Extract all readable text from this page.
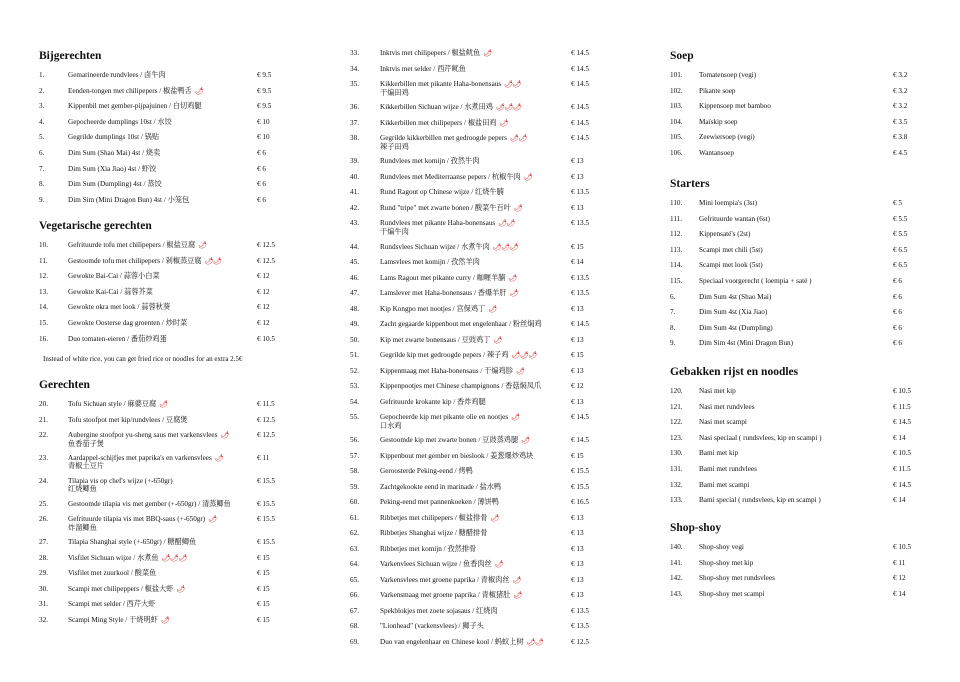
Bijgerechten
1.	Gemarineerde rundvlees / 卤牛肉	€ 9.5
2.	Eenden-tongen met chilipepers / 椒盐鸭舌 🌶	€ 9.5
3.	Kippenbil met gember-pijpajuinen / 白切鸡腿	€ 9.5
4.	Gepocheerde dumplings 10st / 水饺	€ 10
5.	Gegrilde dumplings 10st / 锅贴	€ 10
6.	Dim Sum (Shao Mai) 4st / 烧卖	€ 6
7.	Dim Sum (Xia Jiao) 4st / 虾饺	€ 6
8.	Dim Sum (Dumpling) 4st / 蒸饺	€ 6
9.	Dim Sim (Mini Dragon Bun) 4st / 小笼包	€ 6
Vegetarische gerechten
10.	Gefrituurde tofu met chilipepers / 椒盐豆腐 🌶	€ 12.5
11.	Gestoomde tofu met chilipepers / 剁椒蒸豆腐 🌶🌶	€ 12.5
12.	Gewokte Bai-Cai / 蒜蓉小白菜	€ 12
13.	Gewokte Kai-Cai / 蒜蓉芥菜	€ 12
14.	Gewokte okra met look / 蒜蓉秋葵	€ 12
15.	Gewokte Oosterse dag groenten / 炒时菜	€ 12
16.	Duo tomaten-eieren / 番茄炒鸡蛋	€ 10.5
Instead of white rice, you can get fried rice or noodles for an extra 2.5€
Gerechten
20.	Tofu Sichuan style / 麻婆豆腐 🌶	€ 11.5
21.	Tofu stoofpot met kip/rundvlees / 豆腐煲	€ 12.5
22.	Aubergine stoofpot yu-sheng saus met varkensvlees 🌶
鱼香茄子煲
€ 12.5
23.	Aardappel-schijfjes met paprika's en varkensvlees 🌶
青椒土豆片
€ 11
24.	Tilapia vis op chef's wijze (+-650gr)
红烧鲫鱼
€ 15.5
25.	Gestoomde tilapia vis met gember (+-650gr) / 清蒸鲫鱼	€ 15.5
26.	Gefrituurde tilapia vis met BBQ-saus (+-650gr) 🌶
炸溜鲫鱼
€ 15.5
27.	Tilapia Shanghai style (+-650gr) / 糖醋鲫鱼	€ 15.5
28.	Visfilet Sichuan wijze / 水煮鱼 🌶🌶🌶	€ 15
29.	Visfilet met zuurkool / 酸菜鱼	€ 15
30.	Scampi met chilipeppers / 椒盐大虾 🌶	€ 15
31.	Scampi met selder / 西芹大虾	€ 15
32.	Scampi Ming Style / 干烧明虾 🌶	€ 15
33.	Inktvis met chilipepers / 椒盐鱿鱼 🌶	€ 14.5
34.	Inktvis met selder / 西芹鱿鱼	€ 14.5
35.	Kikkerbillen met pikante Haha-bonensaus 🌶🌶
干煸田鸡
€ 14.5
36.	Kikkerbillen Sichuan wijze / 水煮田鸡 🌶🌶🌶	€ 14.5
37.	Kikkerbillen met chilipepers / 椒盐田鸡 🌶	€ 14.5
38.	Gegrilde kikkerbillen met gedroogde pepers 🌶🌶
辣子田鸡
€ 14.5
39.	Rundvlees met komijn / 孜然牛肉	€ 13
40.	Rundvlees met Mediterraanse pepers / 杭椒牛肉 🌶	€ 13
41.	Rund Ragout op Chinese wijze / 红烧牛腩	€ 13.5
42.	Rund "tripe" met zwarte bonen / 酸菜牛百叶 🌶	€ 13
43.	Rundvlees met pikante Haha-bonensaus 🌶🌶
干煸牛肉
€ 13.5
44.	Rundsvlees Sichuan wijze / 水煮牛肉 🌶🌶🌶	€ 15
45.	Lamsvlees met komijn / 孜然羊肉	€ 14
46.	Lams Ragout met pikante curry / 咖喱羊腩 🌶	€ 13.5
47.	Lamslever met Haha-bonensaus / 香爆羊肝 🌶	€ 13.5
48.	Kip Kongpo met nootjes / 宫保鸡丁 🌶	€ 13
49.	Zacht gegaarde kippenbout met engelenhaar / 粉丝焖鸡	€ 14.5
50.	Kip met zwarte bonensaus / 豆豉鸡丁 🌶	€ 13
51.	Gegrilde kip met gedroogde pepers / 辣子鸡 🌶🌶🌶	€ 15
52.	Kippenmaag met Haha-bonensaus / 干煸鸡胗 🌶	€ 13
53.	Kippenpootjes met Chinese champignons / 香菇焖凤爪	€ 12
54.	Gefrituurde krokante kip / 香炸鸡腿	€ 13
55.	Gepocheerde kip met pikante olie en nootjes 🌶
口水鸡
€ 14.5
56.	Gestoomde kip met zwarte bonen / 豆豉蒸鸡腿 🌶	€ 14.5
57.	Kippenbout met gember en bieslook / 姜葱爆炒鸡块	€ 15
58.	Geroosterde Peking-eend / 烤鸭	€ 15.5
59.	Zachtgekookte eend in marinade / 盐水鸭	€ 15.5
60.	Peking-eend met pannenkoeken / 薄饼鸭	€ 16.5
61.	Ribbetjes met chilipepers / 椒盐排骨 🌶	€ 13
62.	Ribbetjes Shanghai wijze / 糖醋排骨	€ 13
63.	Ribbetjes met komijn / 孜然排骨	€ 13
64.	Varkenvlees Sichuan wijze / 鱼香肉丝 🌶	€ 13
65.	Varkensvlees met groene paprika / 青椒肉丝 🌶	€ 13
66.	Varkensmaag met groene paprika / 青椒猪肚 🌶	€ 13
67.	Spekblokjes met zoete sojasaus / 红烧肉	€ 13.5
68.	"Lionhead" (varkensvlees) / 狮子头	€ 13.5
69.	Duo van engelenhaar en Chinese kool / 蚂蚁上树 🌶🌶	€ 12.5
Soep
101. Tomatensoep (vegi)	€ 3.2
102. Pikante soep	€ 3.2
103. Kippensoep met bamboo	€ 3.2
104. Maïskip soep	€ 3.5
105. Zeewiersoep (vegi)	€ 3.8
106. Wantansoep	€ 4.5
Starters
110. Mini loempia's (3st)	€ 5
111. Gefrituurde wantan (6st)	€ 5.5
112. Kippensaté's (2st)	€ 5.5
113. Scampi met chili (5st)	€ 6.5
114. Scampi met look (5st)	€ 6.5
115. Speciaal voorgerecht ( loempia + saté )	€ 6
6.	Dim Sum 4st (Shao Mai)	€ 6
7.	Dim Sum 4st (Xia Jiao)	€ 6
8.	Dim Sum 4st (Dumpling)	€ 6
9.	Dim Sim 4st (Mini Dragon Bun)	€ 6
Gebakken rijst en noodles
120. Nasi met kip	€ 10.5
121. Nasi met rundvlees	€ 11.5
122. Nasi met scampi	€ 14.5
123. Nasi speciaal ( rundsvlees, kip en scampi )	€ 14
130. Bami met kip	€ 10.5
131. Bami met rundvlees	€ 11.5
132. Bami met scampi	€ 14.5
133. Bami special ( rundsvlees, kip en scampi )	€ 14
Shop-shoy
140. Shop-shoy vegi	€ 10.5
141. Shop-shoy met kip	€ 11
142. Shop-shoy met rundsvlees	€ 12
143. Shop-shoy met scampi	€ 14
